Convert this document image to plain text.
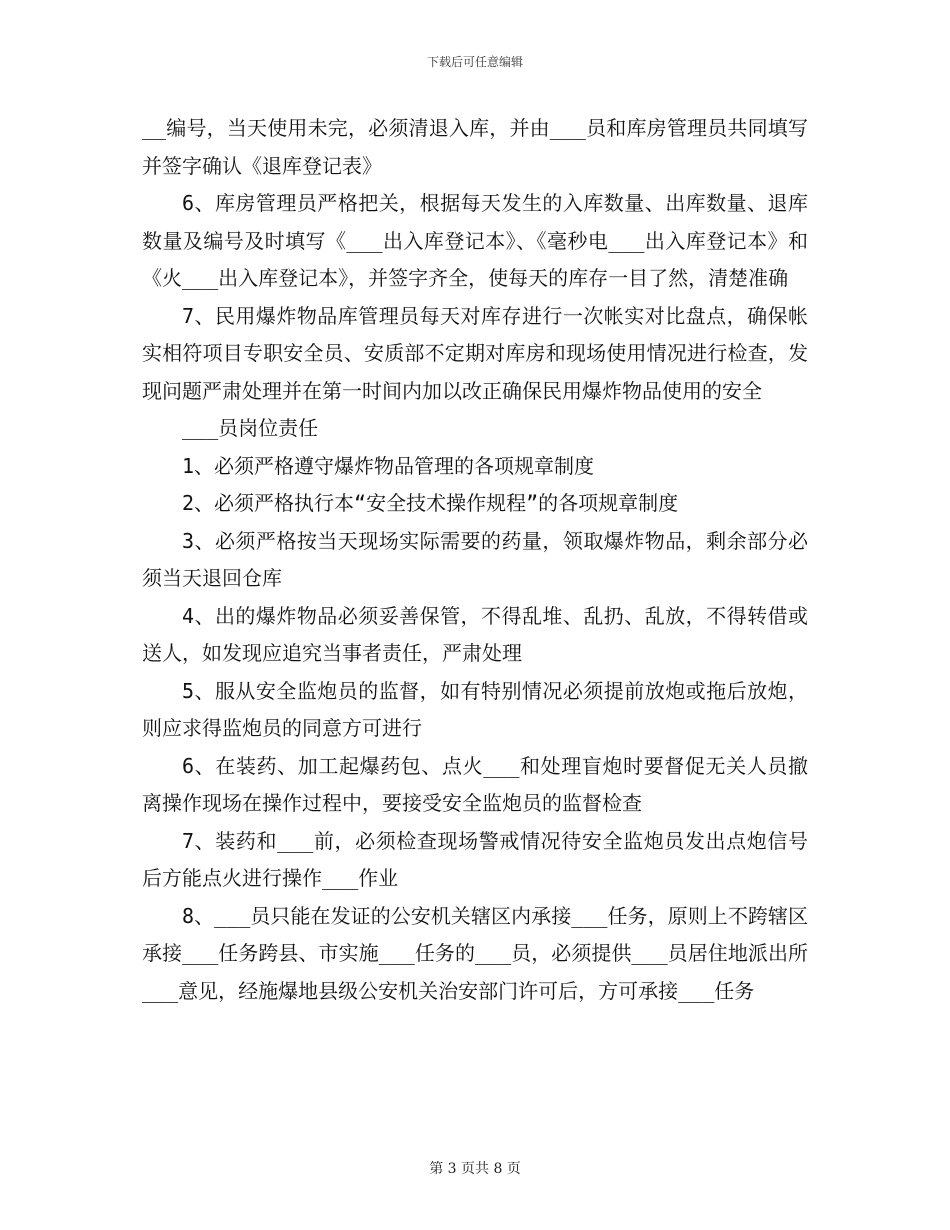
下载后可任意编辑

__编号，当天使用未完，必须清退入库，并由___员和库房管理员共同填写并签字确认《退库登记表》

6、库房管理员严格把关，根据每天发生的入库数量、出库数量、退库数量及编号及时填写《___出入库登记本》、《毫秒电___出入库登记本》和《火___出入库登记本》，并签字齐全，使每天的库存一目了然，清楚准确

7、民用爆炸物品库管理员每天对库存进行一次帐实对比盘点，确保帐实相符项目专职安全员、安质部不定期对库房和现场使用情况进行检查，发现问题严肃处理并在第一时间内加以改正确保民用爆炸物品使用的安全

___员岗位责任

1、必须严格遵守爆炸物品管理的各项规章制度

2、必须严格执行本“安全技术操作规程”的各项规章制度

3、必须严格按当天现场实际需要的药量，领取爆炸物品，剩余部分必须当天退回仓库

4、出的爆炸物品必须妥善保管，不得乱堆、乱扔、乱放，不得转借或送人，如发现应追究当事者责任，严肃处理

5、服从安全监炮员的监督，如有特别情况必须提前放炮或拖后放炮，则应求得监炮员的同意方可进行

6、在装药、加工起爆药包、点火___和处理盲炮时要督促无关人员撤离操作现场在操作过程中，要接受安全监炮员的监督检查

7、装药和___前，必须检查现场警戒情况待安全监炮员发出点炮信号后方能点火进行操作___作业

8、___员只能在发证的公安机关辖区内承接___任务，原则上不跨辖区承接___任务跨县、市实施___任务的___员，必须提供___员居住地派出所___意见，经施爆地县级公安机关治安部门许可后，方可承接___任务

第 3 页共 8 页
